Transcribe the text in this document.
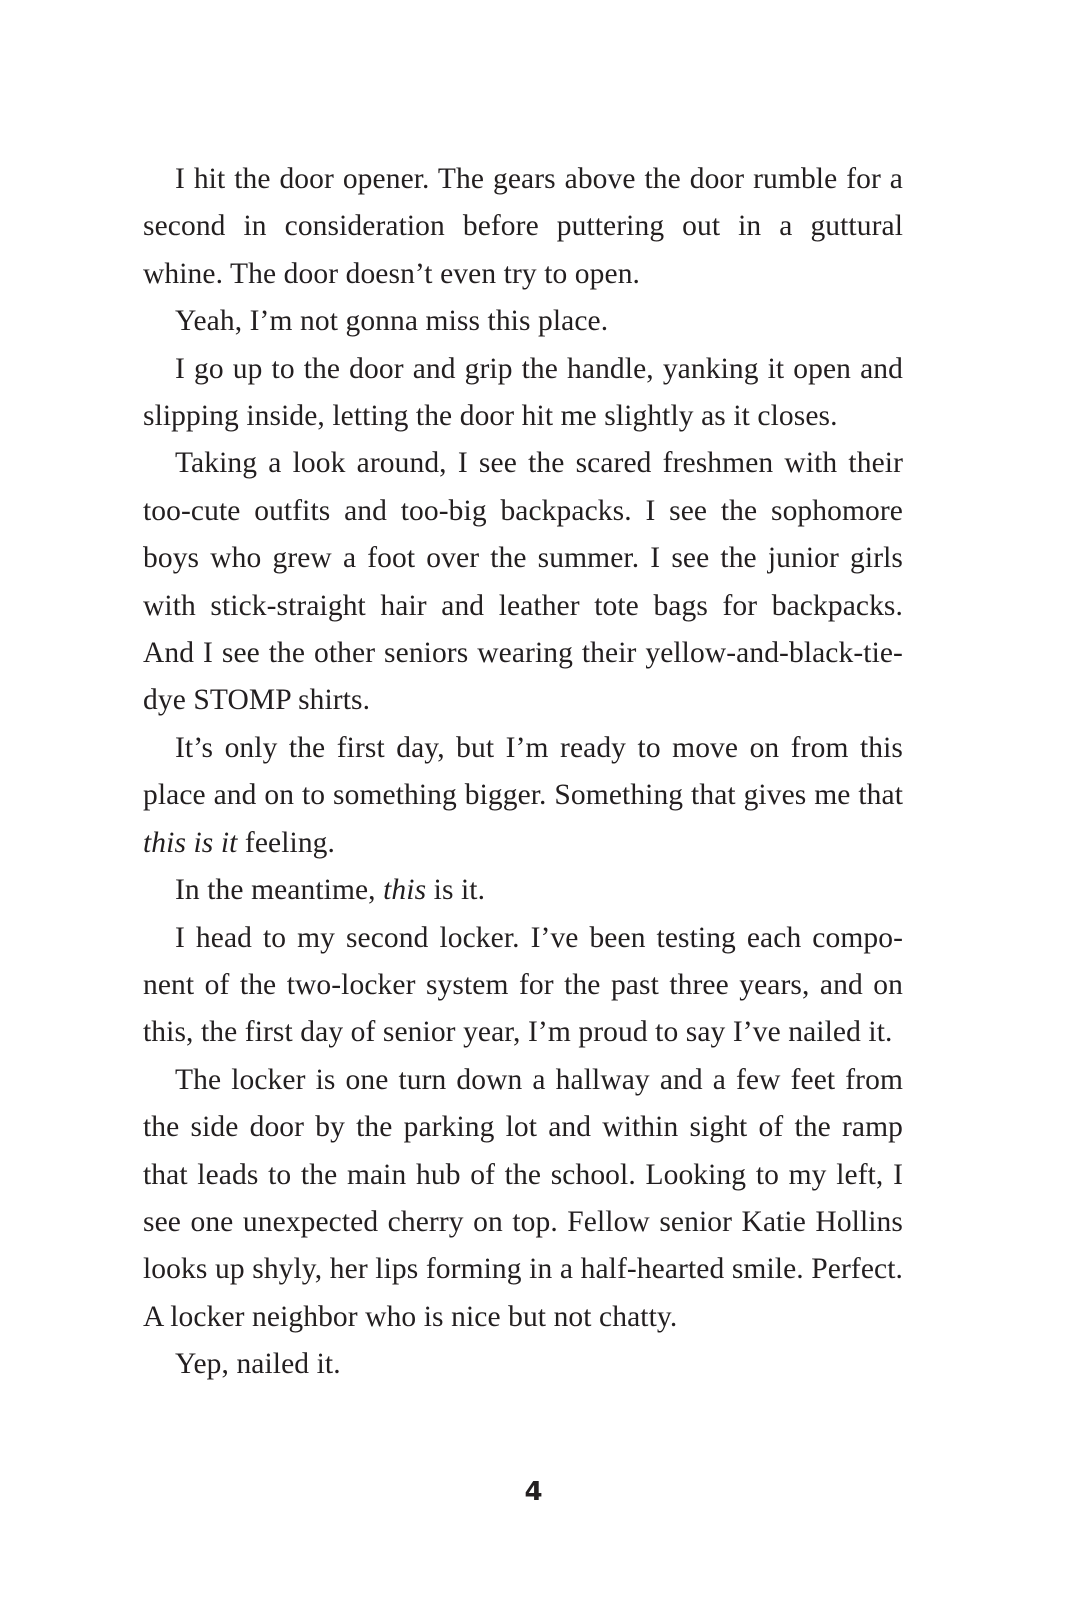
I hit the door opener. The gears above the door rumble for a second in consideration before puttering out in a guttural whine. The door doesn’t even try to open.

Yeah, I’m not gonna miss this place.

I go up to the door and grip the handle, yanking it open and slipping inside, letting the door hit me slightly as it closes.

Taking a look around, I see the scared freshmen with their too-cute outfits and too-big backpacks. I see the sophomore boys who grew a foot over the summer. I see the junior girls with stick-straight hair and leather tote bags for backpacks. And I see the other seniors wearing their yellow-and-black-tie-dye STOMP shirts.

It’s only the first day, but I’m ready to move on from this place and on to something bigger. Something that gives me that this is it feeling.

In the meantime, this is it.

I head to my second locker. I’ve been testing each compo-nent of the two-locker system for the past three years, and on this, the first day of senior year, I’m proud to say I’ve nailed it.

The locker is one turn down a hallway and a few feet from the side door by the parking lot and within sight of the ramp that leads to the main hub of the school. Looking to my left, I see one unexpected cherry on top. Fellow senior Katie Hollins looks up shyly, her lips forming in a half-hearted smile. Perfect. A locker neighbor who is nice but not chatty.

Yep, nailed it.

4
